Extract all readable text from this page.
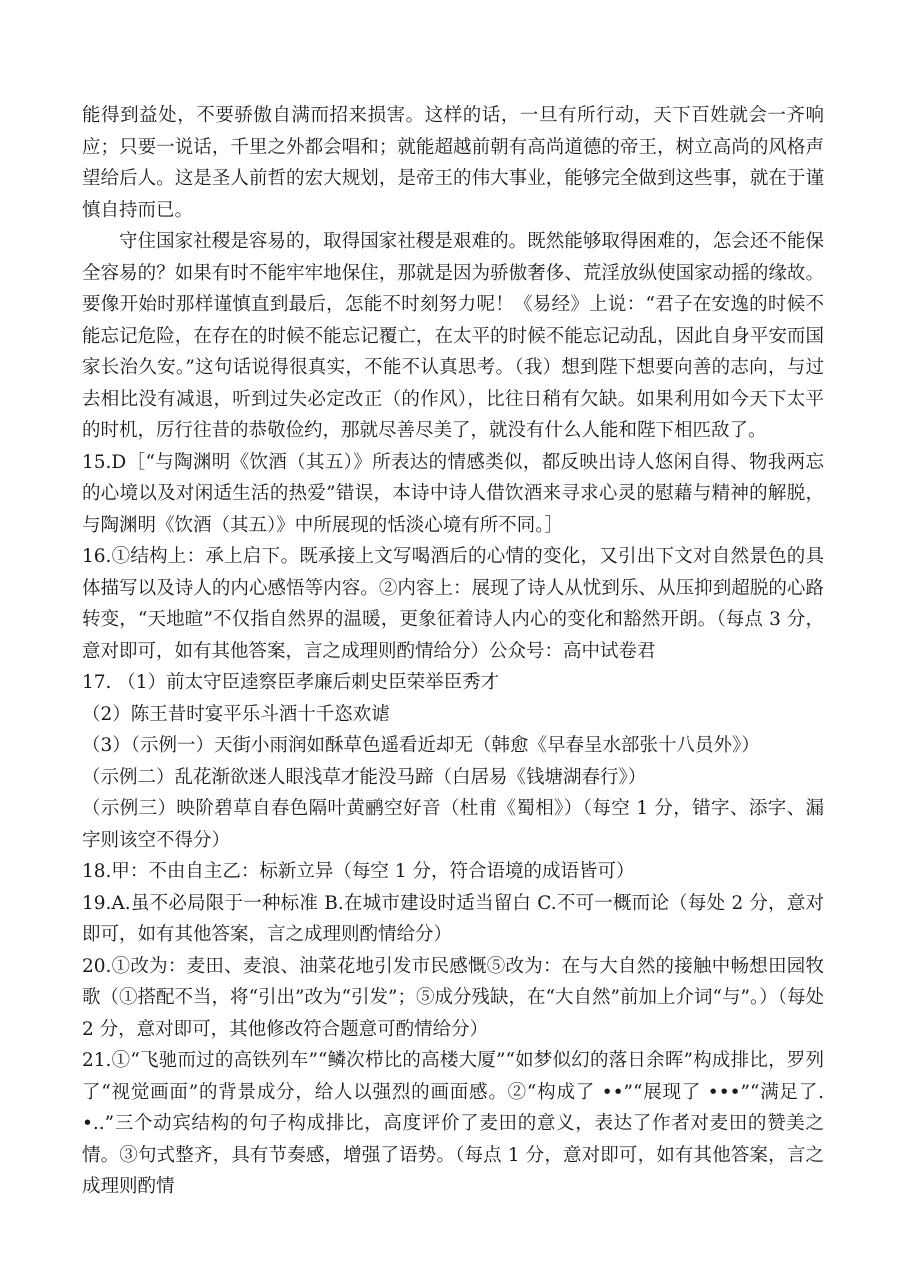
能得到益处，不要骄傲自满而招来损害。这样的话，一旦有所行动，天下百姓就会一齐响应；只要一说话，千里之外都会唱和；就能超越前朝有高尚道德的帝王，树立高尚的风格声望给后人。这是圣人前哲的宏大规划，是帝王的伟大事业，能够完全做到这些事，就在于谨慎自持而已。

守住国家社稷是容易的，取得国家社稷是艰难的。既然能够取得困难的，怎会还不能保全容易的？如果有时不能牢牢地保住，那就是因为骄傲奢侈、荒淫放纵使国家动摇的缘故。要像开始时那样谨慎直到最后，怎能不时刻努力呢！《易经》上说：“君子在安逸的时候不能忘记危险，在存在的时候不能忘记覆亡，在太平的时候不能忘记动乱，因此自身平安而国家长治久安。”这句话说得很真实，不能不认真思考。（我）想到陛下想要向善的志向，与过去相比没有减退，听到过失必定改正（的作风），比往日稍有欠缺。如果利用如今天下太平的时机，厉行往昔的恭敬俭约，那就尽善尽美了，就没有什么人能和陛下相匹敌了。

15.D［“与陶渊明《饮酒（其五）》所表达的情感类似，都反映出诗人悠闲自得、物我两忘的心境以及对闲适生活的热爱”错误，本诗中诗人借饮酒来寻求心灵的慰藉与精神的解脱，与陶渊明《饮酒（其五）》中所展现的恬淡心境有所不同。］

16.①结构上：承上启下。既承接上文写喝酒后的心情的变化，又引出下文对自然景色的具体描写以及诗人的内心感悟等内容。②内容上：展现了诗人从忧到乐、从压抑到超脱的心路转变，“天地暄”不仅指自然界的温暖，更象征着诗人内心的变化和豁然开朗。（每点 3 分，意对即可，如有其他答案，言之成理则酌情给分）公众号：高中试卷君

17. （1）前太守臣逵察臣孝廉后刺史臣荣举臣秀才

（2）陈王昔时宴平乐斗酒十千恣欢谑

（3）（示例一）天街小雨润如酥草色遥看近却无（韩愈《早春呈水部张十八员外》）

（示例二）乱花渐欲迷人眼浅草才能没马蹄（白居易《钱塘湖春行》）

（示例三）映阶碧草自春色隔叶黄鹂空好音（杜甫《蜀相》）（每空 1 分，错字、添字、漏字则该空不得分）

18.甲：不由自主乙：标新立异（每空 1 分，符合语境的成语皆可）

19.A.虽不必局限于一种标准 B.在城市建设时适当留白 C.不可一概而论（每处 2 分，意对即可，如有其他答案，言之成理则酌情给分）

20.①改为：麦田、麦浪、油菜花地引发市民感慨⑤改为：在与大自然的接触中畅想田园牧歌（①搭配不当，将“引出”改为“引发”；⑤成分残缺，在“大自然”前加上介词“与”。）（每处 2 分，意对即可，其他修改符合题意可酌情给分）

21.①“飞驰而过的高铁列车”“鳞次栉比的高楼大厦”“如梦似幻的落日余晖”构成排比，罗列了“视觉画面”的背景成分，给人以强烈的画面感。②“构成了 ••”“展现了 •••”“满足了. •..”三个动宾结构的句子构成排比，高度评价了麦田的意义，表达了作者对麦田的赞美之情。③句式整齐，具有节奏感，增强了语势。（每点 1 分，意对即可，如有其他答案，言之成理则酌情
